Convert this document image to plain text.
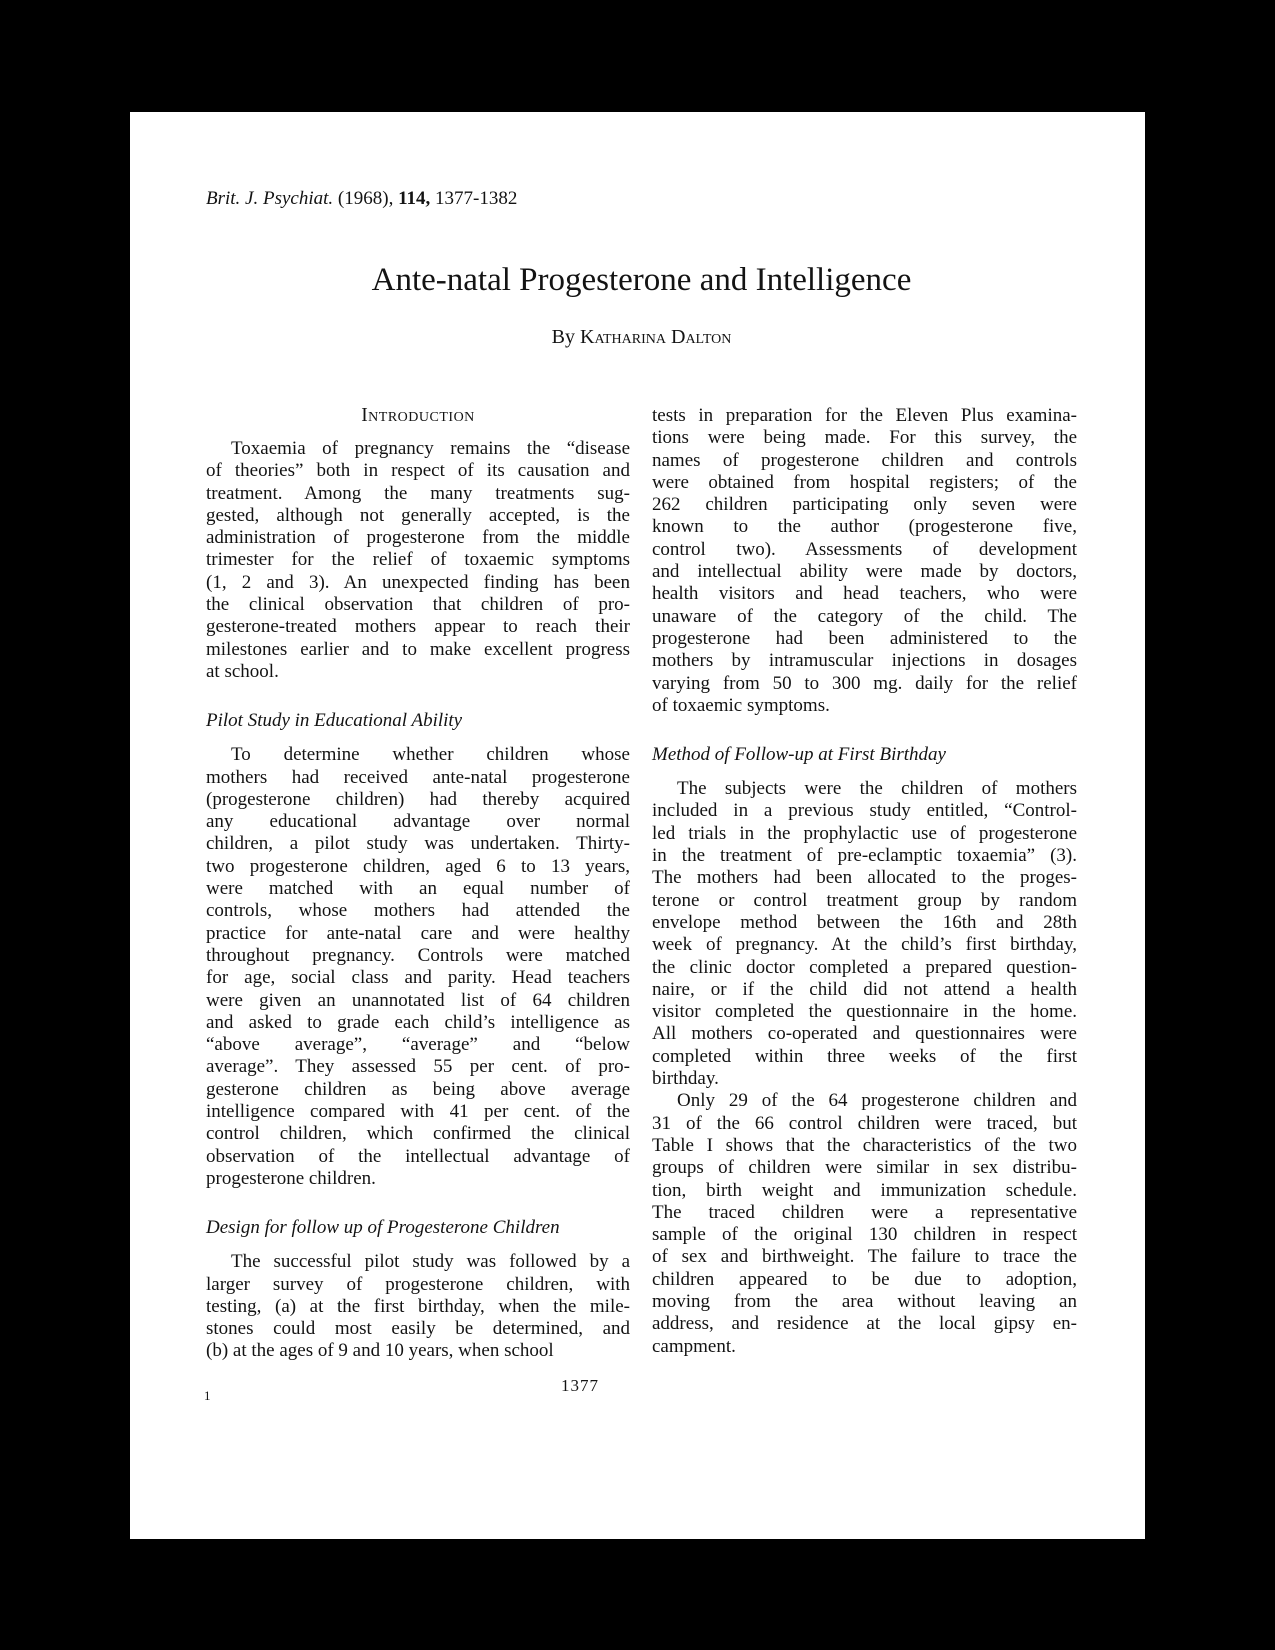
Brit. J. Psychiat. (1968), 114, 1377-1382
Ante-natal Progesterone and Intelligence
By Katharina Dalton
Introduction
Toxaemia of pregnancy remains the “disease
of theories” both in respect of its causation and
treatment. Among the many treatments sug-
gested, although not generally accepted, is the
administration of progesterone from the middle
trimester for the relief of toxaemic symptoms
(1, 2 and 3). An unexpected finding has been
the clinical observation that children of pro-
gesterone-treated mothers appear to reach their
milestones earlier and to make excellent progress
at school.
Pilot Study in Educational Ability
To determine whether children whose
mothers had received ante-natal progesterone
(progesterone children) had thereby acquired
any educational advantage over normal
children, a pilot study was undertaken. Thirty-
two progesterone children, aged 6 to 13 years,
were matched with an equal number of
controls, whose mothers had attended the
practice for ante-natal care and were healthy
throughout pregnancy. Controls were matched
for age, social class and parity. Head teachers
were given an unannotated list of 64 children
and asked to grade each child’s intelligence as
“above average”, “average” and “below
average”. They assessed 55 per cent. of pro-
gesterone children as being above average
intelligence compared with 41 per cent. of the
control children, which confirmed the clinical
observation of the intellectual advantage of
progesterone children.
Design for follow up of Progesterone Children
The successful pilot study was followed by a
larger survey of progesterone children, with
testing, (a) at the first birthday, when the mile-
stones could most easily be determined, and
(b) at the ages of 9 and 10 years, when school
tests in preparation for the Eleven Plus examina-
tions were being made. For this survey, the
names of progesterone children and controls
were obtained from hospital registers; of the
262 children participating only seven were
known to the author (progesterone five,
control two). Assessments of development
and intellectual ability were made by doctors,
health visitors and head teachers, who were
unaware of the category of the child. The
progesterone had been administered to the
mothers by intramuscular injections in dosages
varying from 50 to 300 mg. daily for the relief
of toxaemic symptoms.
Method of Follow-up at First Birthday
The subjects were the children of mothers
included in a previous study entitled, “Control-
led trials in the prophylactic use of progesterone
in the treatment of pre-eclamptic toxaemia” (3).
The mothers had been allocated to the proges-
terone or control treatment group by random
envelope method between the 16th and 28th
week of pregnancy. At the child’s first birthday,
the clinic doctor completed a prepared question-
naire, or if the child did not attend a health
visitor completed the questionnaire in the home.
All mothers co-operated and questionnaires were
completed within three weeks of the first
birthday.
Only 29 of the 64 progesterone children and
31 of the 66 control children were traced, but
Table I shows that the characteristics of the two
groups of children were similar in sex distribu-
tion, birth weight and immunization schedule.
The traced children were a representative
sample of the original 130 children in respect
of sex and birthweight. The failure to trace the
children appeared to be due to adoption,
moving from the area without leaving an
address, and residence at the local gipsy en-
campment.
1
1377
